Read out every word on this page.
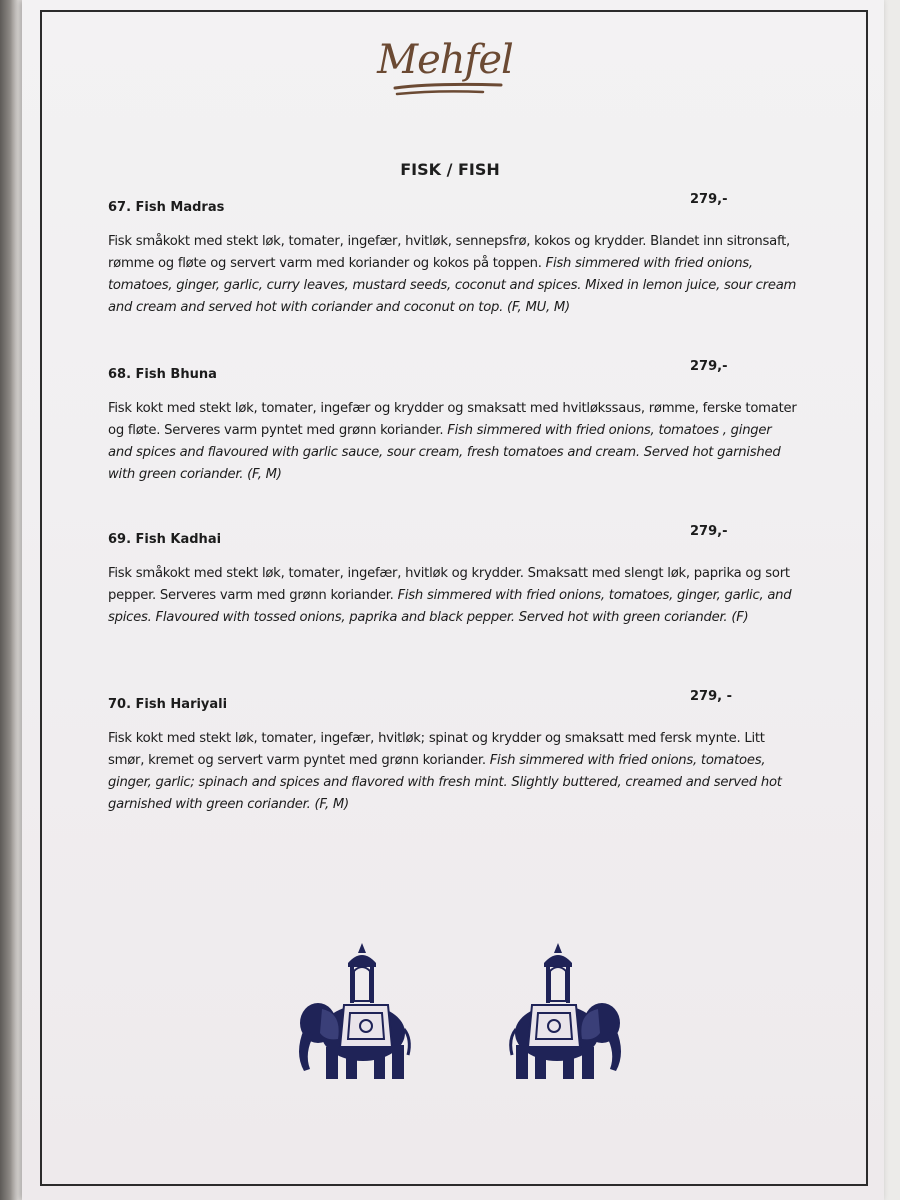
Mehfel
FISK / FISH
67. Fish Madras
279,-
Fisk småkokt med stekt løk, tomater, ingefær, hvitløk, sennepsfrø, kokos og krydder. Blandet inn sitronsaft, rømme og fløte og servert varm med koriander og kokos på toppen. Fish simmered with fried onions, tomatoes, ginger, garlic, curry leaves, mustard seeds, coconut and spices. Mixed in lemon juice, sour cream and cream and served hot with coriander and coconut on top. (F, MU, M)
68. Fish Bhuna
279,-
Fisk kokt med stekt løk, tomater, ingefær og krydder og smaksatt med hvitløkssaus, rømme, ferske tomater og fløte. Serveres varm pyntet med grønn koriander. Fish simmered with fried onions, tomatoes , ginger and spices and flavoured with garlic sauce, sour cream, fresh tomatoes and cream. Served hot garnished with green coriander. (F, M)
69. Fish Kadhai
279,-
Fisk småkokt med stekt løk, tomater, ingefær, hvitløk og krydder. Smaksatt med slengt løk, paprika og sort pepper. Serveres varm med grønn koriander. Fish simmered with fried onions, tomatoes, ginger, garlic, and spices. Flavoured with tossed onions, paprika and black pepper. Served hot with green coriander. (F)
70. Fish Hariyali
279, -
Fisk kokt med stekt løk, tomater, ingefær, hvitløk; spinat og krydder og smaksatt med fersk mynte. Litt smør, kremet og servert varm pyntet med grønn koriander. Fish simmered with fried onions, tomatoes, ginger, garlic; spinach and spices and flavored with fresh mint. Slightly buttered, creamed and served hot garnished with green coriander. (F, M)
